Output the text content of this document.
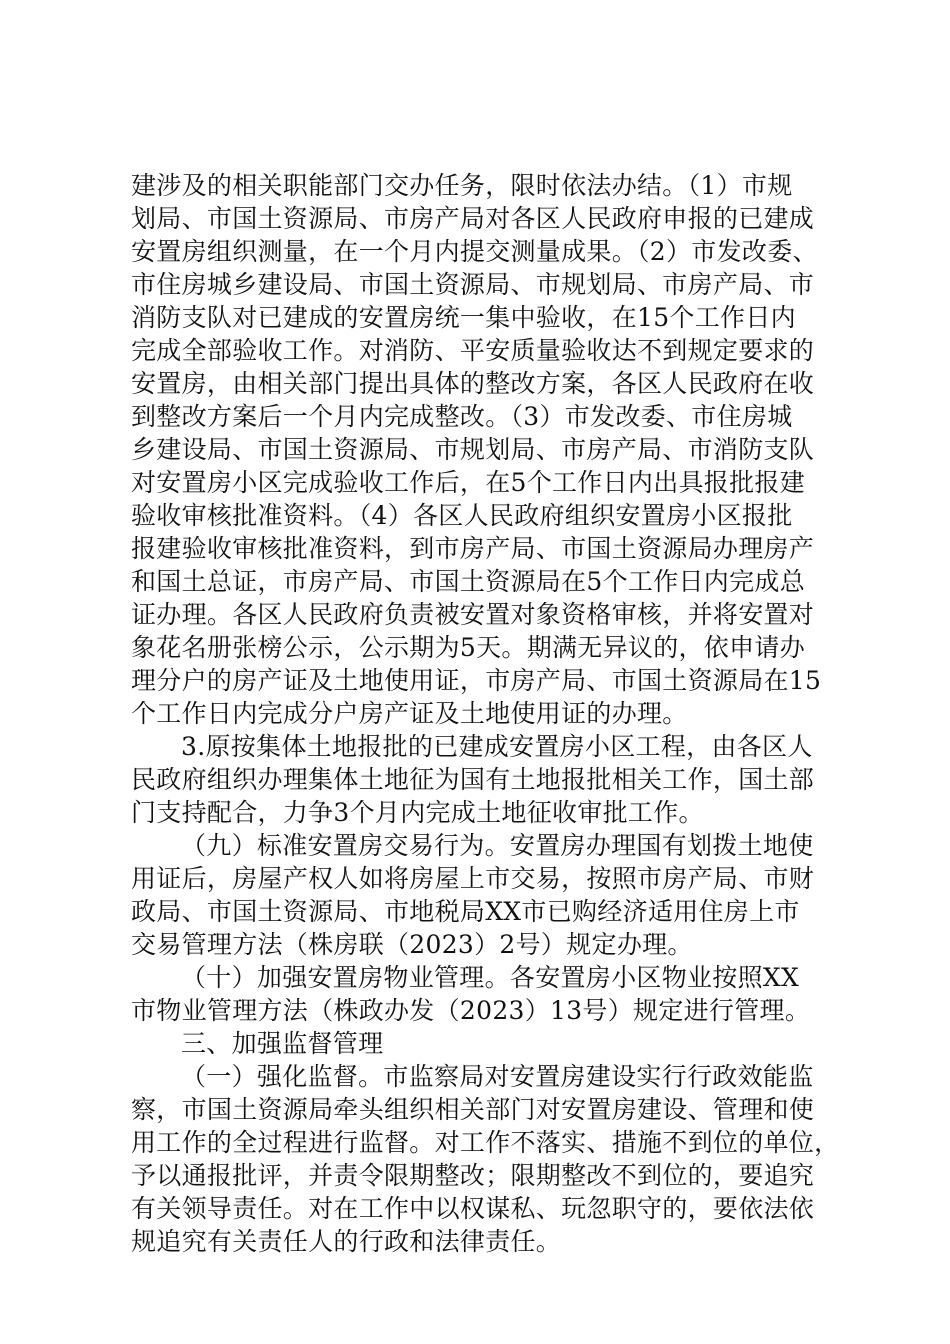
建涉及的相关职能部门交办任务，限时依法办结。（1）市规
划局、市国土资源局、市房产局对各区人民政府申报的已建成
安置房组织测量，在一个月内提交测量成果。（2）市发改委、
市住房城乡建设局、市国土资源局、市规划局、市房产局、市
消防支队对已建成的安置房统一集中验收，在15个工作日内
完成全部验收工作。对消防、平安质量验收达不到规定要求的
安置房，由相关部门提出具体的整改方案，各区人民政府在收
到整改方案后一个月内完成整改。（3）市发改委、市住房城
乡建设局、市国土资源局、市规划局、市房产局、市消防支队
对安置房小区完成验收工作后，在5个工作日内出具报批报建
验收审核批准资料。（4）各区人民政府组织安置房小区报批
报建验收审核批准资料，到市房产局、市国土资源局办理房产
和国土总证，市房产局、市国土资源局在5个工作日内完成总
证办理。各区人民政府负责被安置对象资格审核，并将安置对
象花名册张榜公示，公示期为5天。期满无异议的，依申请办
理分户的房产证及土地使用证，市房产局、市国土资源局在15
个工作日内完成分户房产证及土地使用证的办理。
3.原按集体土地报批的已建成安置房小区工程，由各区人
民政府组织办理集体土地征为国有土地报批相关工作，国土部
门支持配合，力争3个月内完成土地征收审批工作。
（九）标准安置房交易行为。安置房办理国有划拨土地使
用证后，房屋产权人如将房屋上市交易，按照市房产局、市财
政局、市国土资源局、市地税局XX市已购经济适用住房上市
交易管理方法（株房联（2023）2号）规定办理。
（十）加强安置房物业管理。各安置房小区物业按照XX
市物业管理方法（株政办发（2023）13号）规定进行管理。
三、加强监督管理
（一）强化监督。市监察局对安置房建设实行行政效能监
察，市国土资源局牵头组织相关部门对安置房建设、管理和使
用工作的全过程进行监督。对工作不落实、措施不到位的单位，
予以通报批评，并责令限期整改；限期整改不到位的，要追究
有关领导责任。对在工作中以权谋私、玩忽职守的，要依法依
规追究有关责任人的行政和法律责任。
